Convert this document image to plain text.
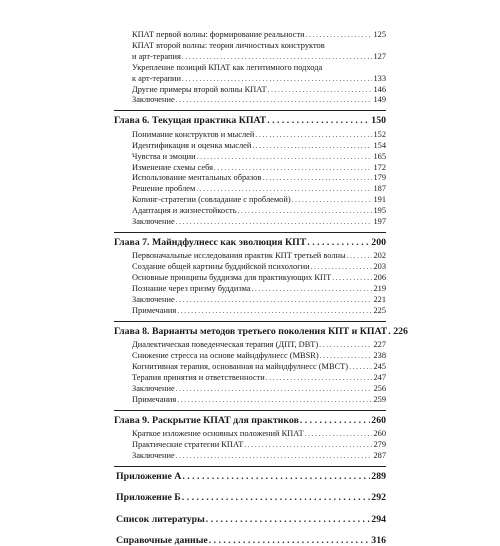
КПАТ первой волны: формирование реальности . . .	125
КПАТ второй волны: теория личностных конструктов
и арт-терапия . . .	127
Укрепление позиций КПАТ как легитимного подхода
к арт-терапии . . .	133
Другие примеры второй волны КПАТ . . .	146
Заключение . . .	149
Глава 6. Текущая практика КПАТ . . .	150
Понимание конструктов и мыслей . . .	152
Идентификация и оценка мыслей . . .	154
Чувства и эмоции . . .	165
Изменение схемы себя . . .	172
Использование ментальных образов . . .	179
Решение проблем . . .	187
Копинг-стратегии (совладание с проблемой) . . .	191
Адаптация и жизнестойкость . . .	195
Заключение . . .	197
Глава 7. Майндфулнесс как эволюция КПТ . . .	200
Первоначальные исследования практик КПТ третьей волны . . .	202
Создание общей картины буддийской психологии . . .	203
Основные принципы буддизма для практикующих КПТ . . .	206
Познание через призму буддизма . . .	219
Заключение . . .	221
Примечания . . .	225
Глава 8. Варианты методов третьего поколения КПТ и КПАТ . . . 226
Диалектическая поведенческая терапия (ДПТ, DBT) . . .	227
Снижение стресса на основе майндфулнесс (MBSR) . . .	238
Когнитивная терапия, основанная на майндфулнесс (MBCT) . . .	245
Терапия принятия и ответственности . . .	247
Заключение . . .	256
Примечания . . .	259
Глава 9. Раскрытие КПАТ для практиков . . .	260
Краткое изложение основных положений КПАТ . . .	260
Практические стратегии КПАТ . . .	279
Заключение . . .	287
Приложение А . . .	289
Приложение Б . . .	292
Список литературы . . .	294
Справочные данные . . .	316
